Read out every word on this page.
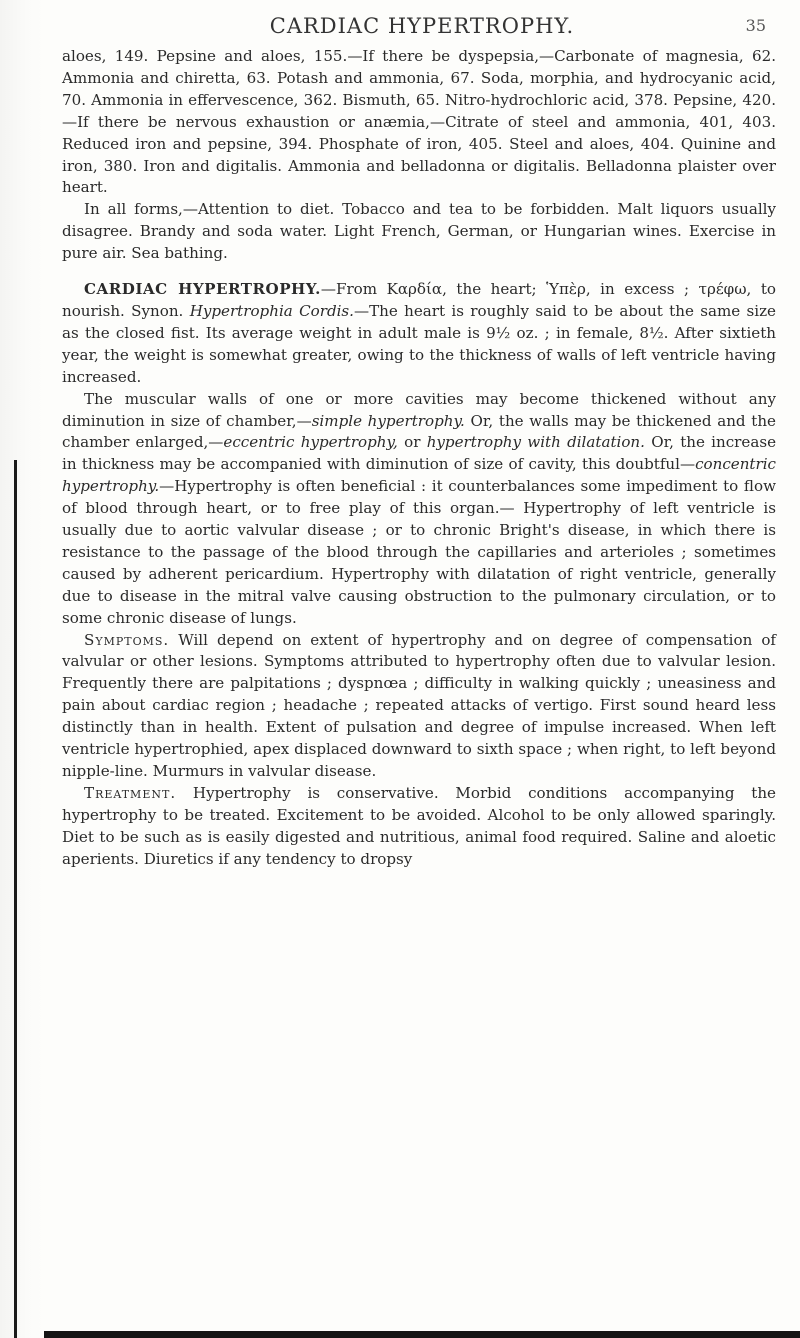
CARDIAC HYPERTROPHY.	35

aloes, 149. Pepsine and aloes, 155.—If there be dyspepsia,—Carbonate of magnesia, 62. Ammonia and chiretta, 63. Potash and ammonia, 67. Soda, morphia, and hydrocyanic acid, 70. Ammonia in effervescence, 362. Bismuth, 65. Nitro-hydrochloric acid, 378. Pepsine, 420.—If there be nervous exhaustion or anæmia,—Citrate of steel and ammonia, 401, 403. Reduced iron and pepsine, 394. Phosphate of iron, 405. Steel and aloes, 404. Quinine and iron, 380. Iron and digitalis. Ammonia and belladonna or digitalis. Belladonna plaister over heart.

In all forms,—Attention to diet. Tobacco and tea to be forbidden. Malt liquors usually disagree. Brandy and soda water. Light French, German, or Hungarian wines. Exercise in pure air. Sea bathing.

CARDIAC HYPERTROPHY.—From Καρδία, the heart; Ὑπὲρ, in excess ; τρέφω, to nourish. Synon. Hypertrophia Cordis.—The heart is roughly said to be about the same size as the closed fist. Its average weight in adult male is 9½ oz. ; in female, 8½. After sixtieth year, the weight is somewhat greater, owing to the thickness of walls of left ventricle having increased.

The muscular walls of one or more cavities may become thickened without any diminution in size of chamber,—simple hypertrophy. Or, the walls may be thickened and the chamber enlarged,—eccentric hypertrophy, or hypertrophy with dilatation. Or, the increase in thickness may be accompanied with diminution of size of cavity, this doubtful—concentric hypertrophy.—Hypertrophy is often beneficial : it counterbalances some impediment to flow of blood through heart, or to free play of this organ.— Hypertrophy of left ventricle is usually due to aortic valvular disease ; or to chronic Bright's disease, in which there is resistance to the passage of the blood through the capillaries and arterioles ; sometimes caused by adherent pericardium. Hypertrophy with dilatation of right ventricle, generally due to disease in the mitral valve causing obstruction to the pulmonary circulation, or to some chronic disease of lungs.

Symptoms. Will depend on extent of hypertrophy and on degree of compensation of valvular or other lesions. Symptoms attributed to hypertrophy often due to valvular lesion. Frequently there are palpitations ; dyspnœa ; difficulty in walking quickly ; uneasiness and pain about cardiac region ; headache ; repeated attacks of vertigo. First sound heard less distinctly than in health. Extent of pulsation and degree of impulse increased. When left ventricle hypertrophied, apex displaced downward to sixth space ; when right, to left beyond nipple-line. Murmurs in valvular disease.

Treatment. Hypertrophy is conservative. Morbid conditions accompanying the hypertrophy to be treated. Excitement to be avoided. Alcohol to be only allowed sparingly. Diet to be such as is easily digested and nutritious, animal food required. Saline and aloetic aperients. Diuretics if any tendency to dropsy
